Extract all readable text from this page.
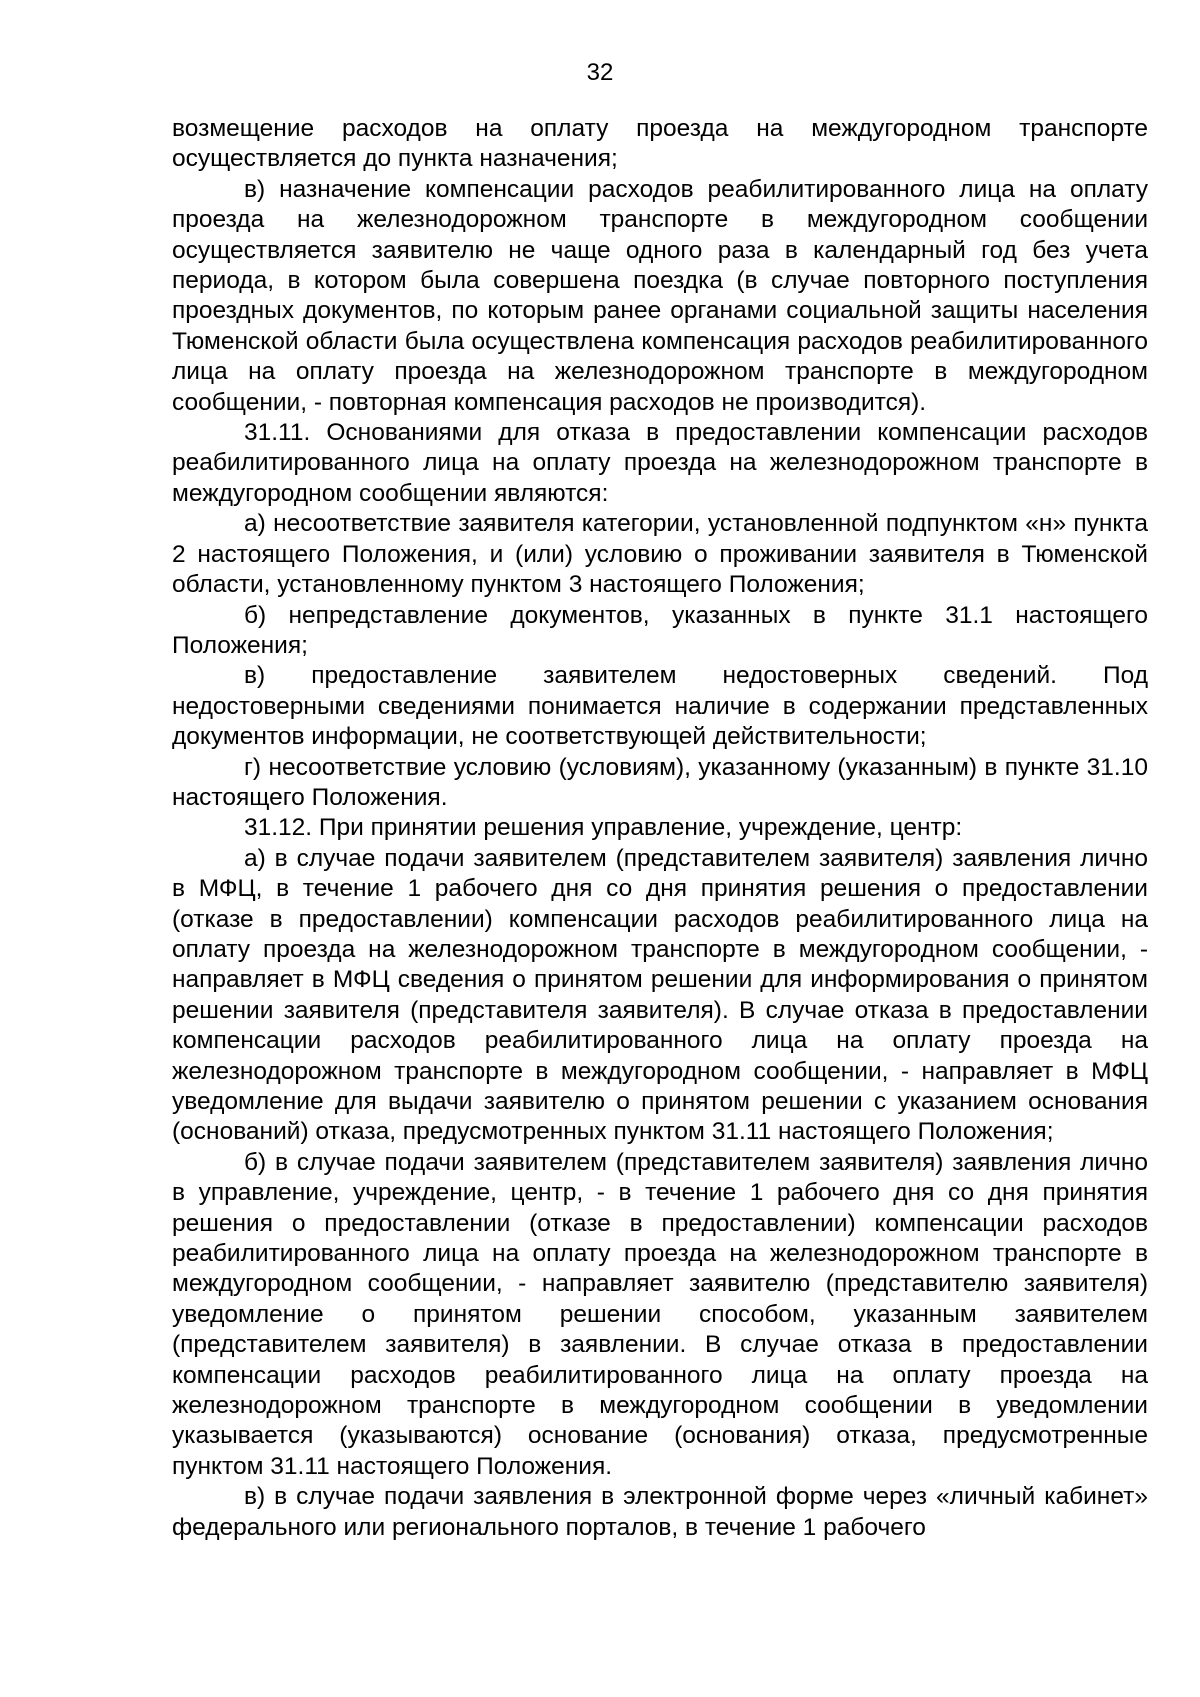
32

возмещение расходов на оплату проезда на междугородном транспорте осуществляется до пункта назначения;

в) назначение компенсации расходов реабилитированного лица на оплату проезда на железнодорожном транспорте в междугородном сообщении осуществляется заявителю не чаще одного раза в календарный год без учета периода, в котором была совершена поездка (в случае повторного поступления проездных документов, по которым ранее органами социальной защиты населения Тюменской области была осуществлена компенсация расходов реабилитированного лица на оплату проезда на железнодорожном транспорте в междугородном сообщении, - повторная компенсация расходов не производится).

31.11. Основаниями для отказа в предоставлении компенсации расходов реабилитированного лица на оплату проезда на железнодорожном транспорте в междугородном сообщении являются:

а) несоответствие заявителя категории, установленной подпунктом «н» пункта 2 настоящего Положения, и (или) условию о проживании заявителя в Тюменской области, установленному пунктом 3 настоящего Положения;

б) непредставление документов, указанных в пункте 31.1 настоящего Положения;

в) предоставление заявителем недостоверных сведений. Под недостоверными сведениями понимается наличие в содержании представленных документов информации, не соответствующей действительности;

г) несоответствие условию (условиям), указанному (указанным) в пункте 31.10 настоящего Положения.

31.12. При принятии решения управление, учреждение, центр:

а) в случае подачи заявителем (представителем заявителя) заявления лично в МФЦ, в течение 1 рабочего дня со дня принятия решения о предоставлении (отказе в предоставлении) компенсации расходов реабилитированного лица на оплату проезда на железнодорожном транспорте в междугородном сообщении, - направляет в МФЦ сведения о принятом решении для информирования о принятом решении заявителя (представителя заявителя). В случае отказа в предоставлении компенсации расходов реабилитированного лица на оплату проезда на железнодорожном транспорте в междугородном сообщении, - направляет в МФЦ уведомление для выдачи заявителю о принятом решении с указанием основания (оснований) отказа, предусмотренных пунктом 31.11 настоящего Положения;

б) в случае подачи заявителем (представителем заявителя) заявления лично в управление, учреждение, центр, - в течение 1 рабочего дня со дня принятия решения о предоставлении (отказе в предоставлении) компенсации расходов реабилитированного лица на оплату проезда на железнодорожном транспорте в междугородном сообщении, - направляет заявителю (представителю заявителя) уведомление о принятом решении способом, указанным заявителем (представителем заявителя) в заявлении. В случае отказа в предоставлении компенсации расходов реабилитированного лица на оплату проезда на железнодорожном транспорте в междугородном сообщении в уведомлении указывается (указываются) основание (основания) отказа, предусмотренные пунктом 31.11 настоящего Положения.

в) в случае подачи заявления в электронной форме через «личный кабинет» федерального или регионального порталов, в течение 1 рабочего
